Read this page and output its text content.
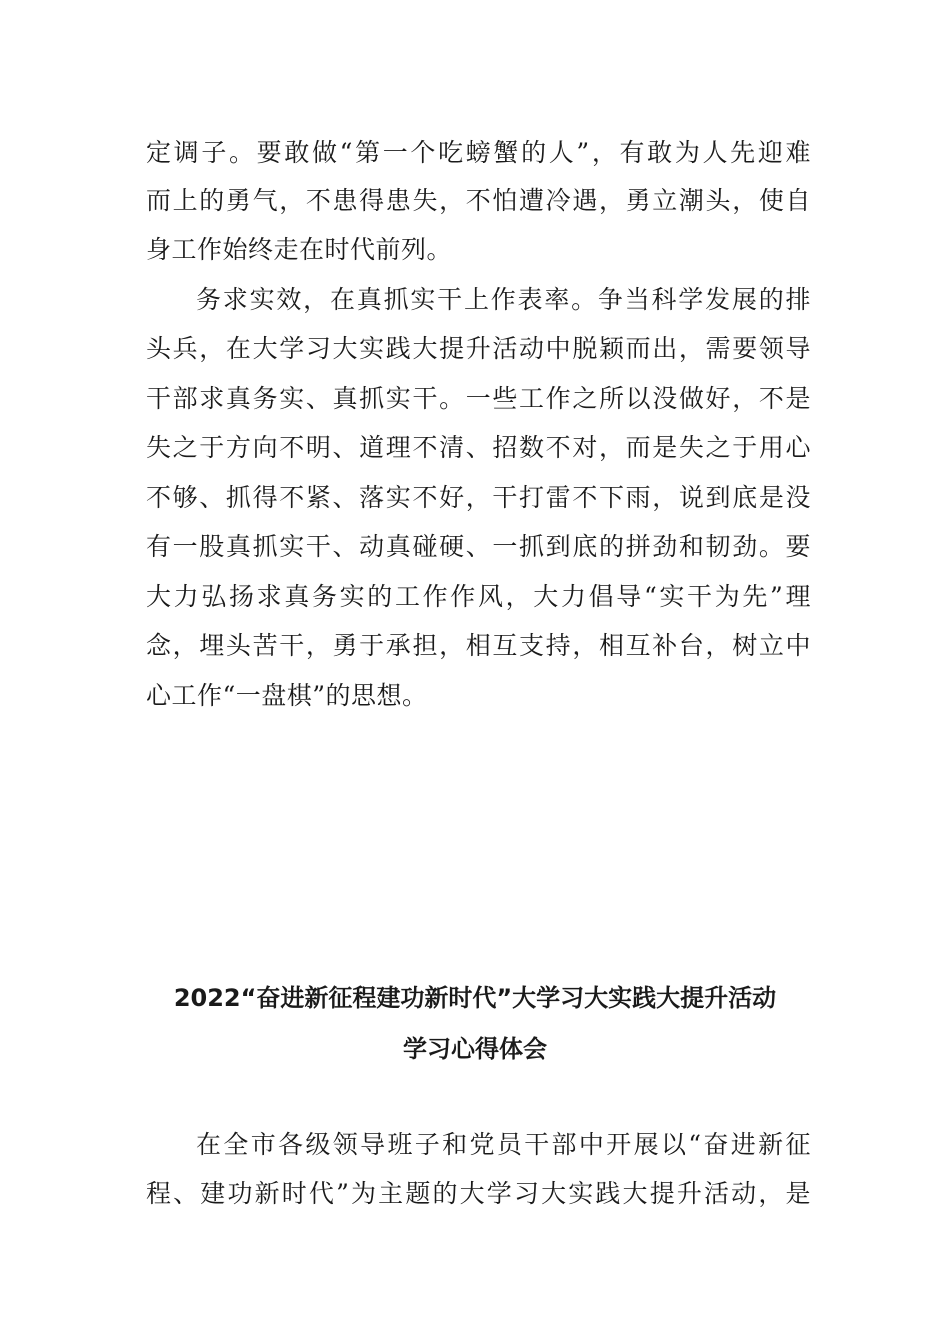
定调子。要敢做“第一个吃螃蟹的人”，有敢为人先迎难
而上的勇气，不患得患失，不怕遭冷遇，勇立潮头，使自
身工作始终走在时代前列。
务求实效，在真抓实干上作表率。争当科学发展的排
头兵，在大学习大实践大提升活动中脱颖而出，需要领导
干部求真务实、真抓实干。一些工作之所以没做好，不是
失之于方向不明、道理不清、招数不对，而是失之于用心
不够、抓得不紧、落实不好，干打雷不下雨，说到底是没
有一股真抓实干、动真碰硬、一抓到底的拼劲和韧劲。要
大力弘扬求真务实的工作作风，大力倡导“实干为先”理
念，埋头苦干，勇于承担，相互支持，相互补台，树立中
心工作“一盘棋”的思想。
2022“奋进新征程建功新时代”大学习大实践大提升活动
学习心得体会
在全市各级领导班子和党员干部中开展以“奋进新征
程、建功新时代”为主题的大学习大实践大提升活动，是
